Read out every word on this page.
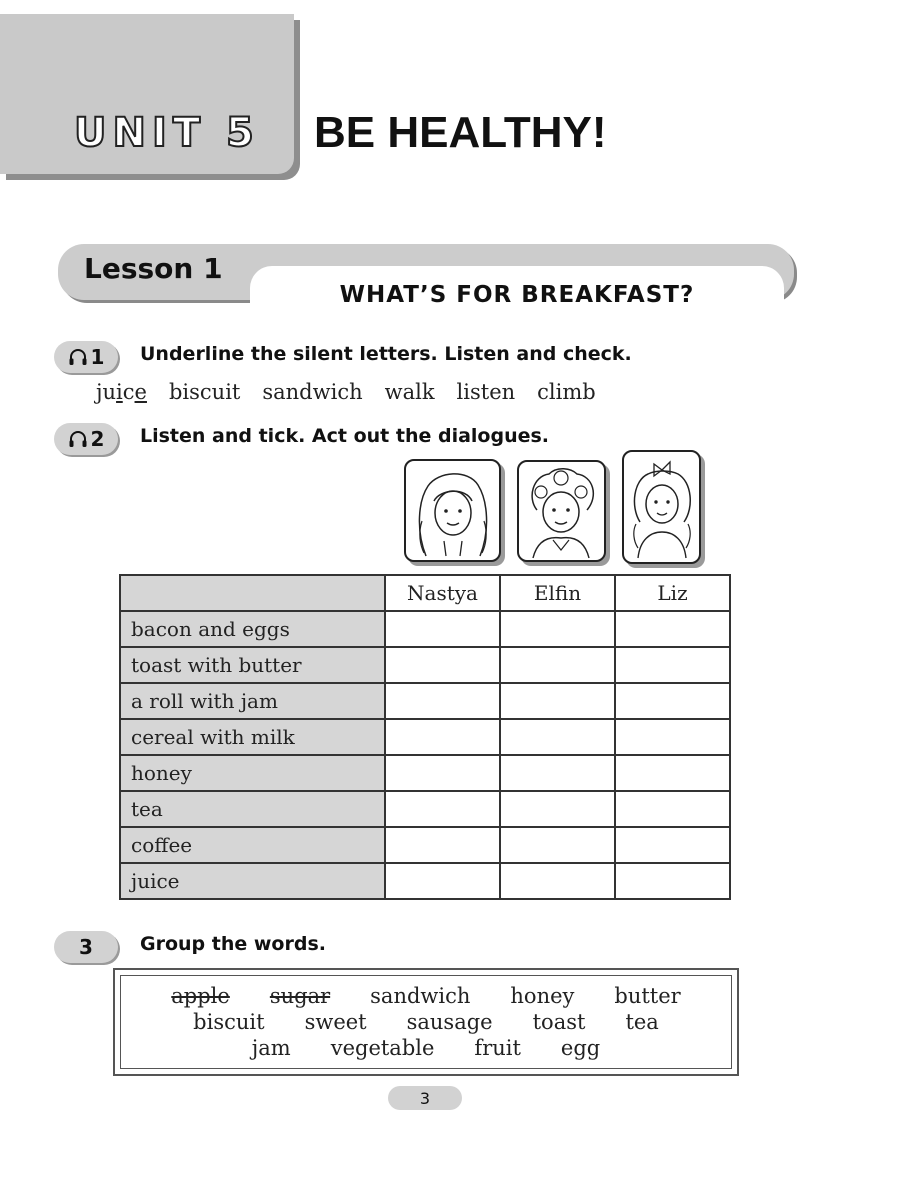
UNIT 5 BE HEALTHY!
Lesson 1
WHAT’S FOR BREAKFAST?
1 Underline the silent letters. Listen and check.
juice biscuit sandwich walk listen climb
2 Listen and tick. Act out the dialogues.
	Nastya	Elfin	Liz
bacon and eggs			
toast with butter			
a roll with jam			
cereal with milk			
honey			
tea			
coffee			
juice			
3 Group the words.
apple sugar sandwich honey butter
biscuit sweet sausage toast tea
jam vegetable fruit egg
3
